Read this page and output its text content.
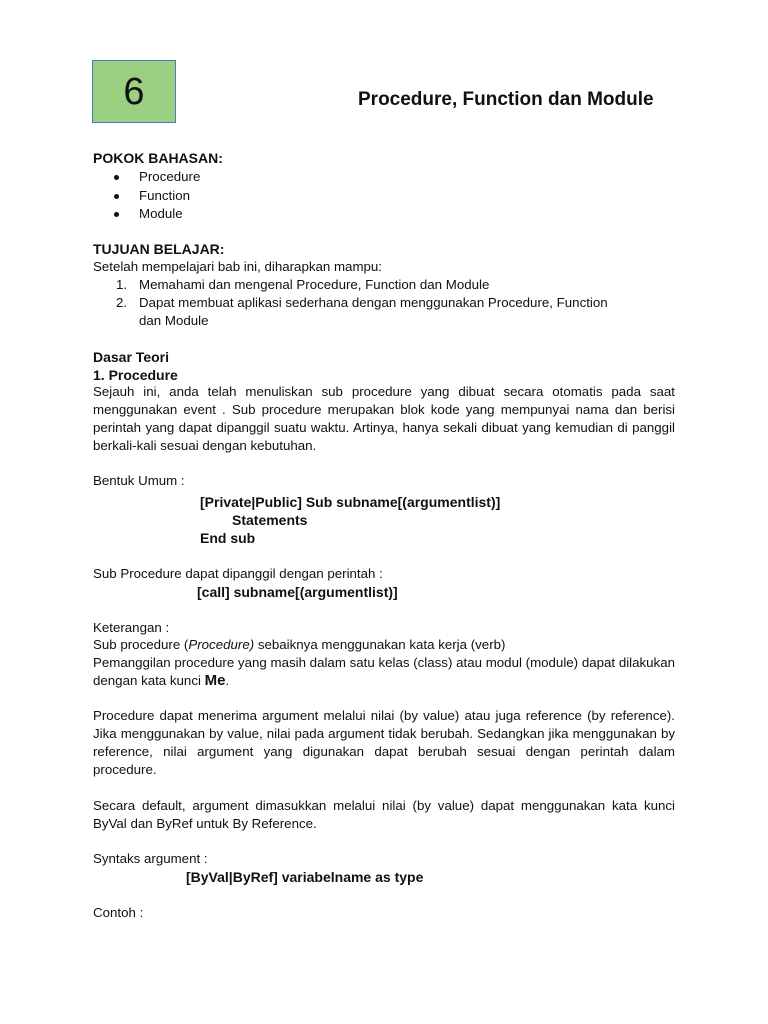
6	Procedure, Function dan Module
POKOK BAHASAN:
Procedure
Function
Module
TUJUAN BELAJAR:
Setelah mempelajari bab ini, diharapkan mampu:
1. Memahami dan mengenal Procedure, Function dan Module
2. Dapat membuat aplikasi sederhana dengan menggunakan Procedure, Function
dan Module
Dasar Teori
1. Procedure
Sejauh ini, anda telah menuliskan sub procedure yang dibuat secara otomatis pada saat menggunakan event . Sub procedure merupakan blok kode yang mempunyai nama dan berisi perintah yang dapat dipanggil suatu waktu. Artinya, hanya sekali dibuat yang kemudian di panggil berkali-kali sesuai dengan kebutuhan.
Bentuk Umum :
[Private|Public] Sub subname[(argumentlist)]
Statements
End sub
Sub Procedure dapat dipanggil dengan perintah :
[call] subname[(argumentlist)]
Keterangan :
Sub procedure (Procedure) sebaiknya menggunakan kata kerja (verb)
Pemanggilan procedure yang masih dalam satu kelas (class) atau modul (module) dapat dilakukan dengan kata kunci Me.
Procedure dapat menerima argument melalui nilai (by value) atau juga reference (by reference). Jika menggunakan by value, nilai pada argument tidak berubah. Sedangkan jika menggunakan by reference, nilai argument yang digunakan dapat berubah sesuai dengan perintah dalam procedure.
Secara default, argument dimasukkan melalui nilai (by value) dapat menggunakan kata kunci ByVal dan ByRef untuk By Reference.
Syntaks argument :
[ByVal|ByRef] variabelname as type
Contoh :
